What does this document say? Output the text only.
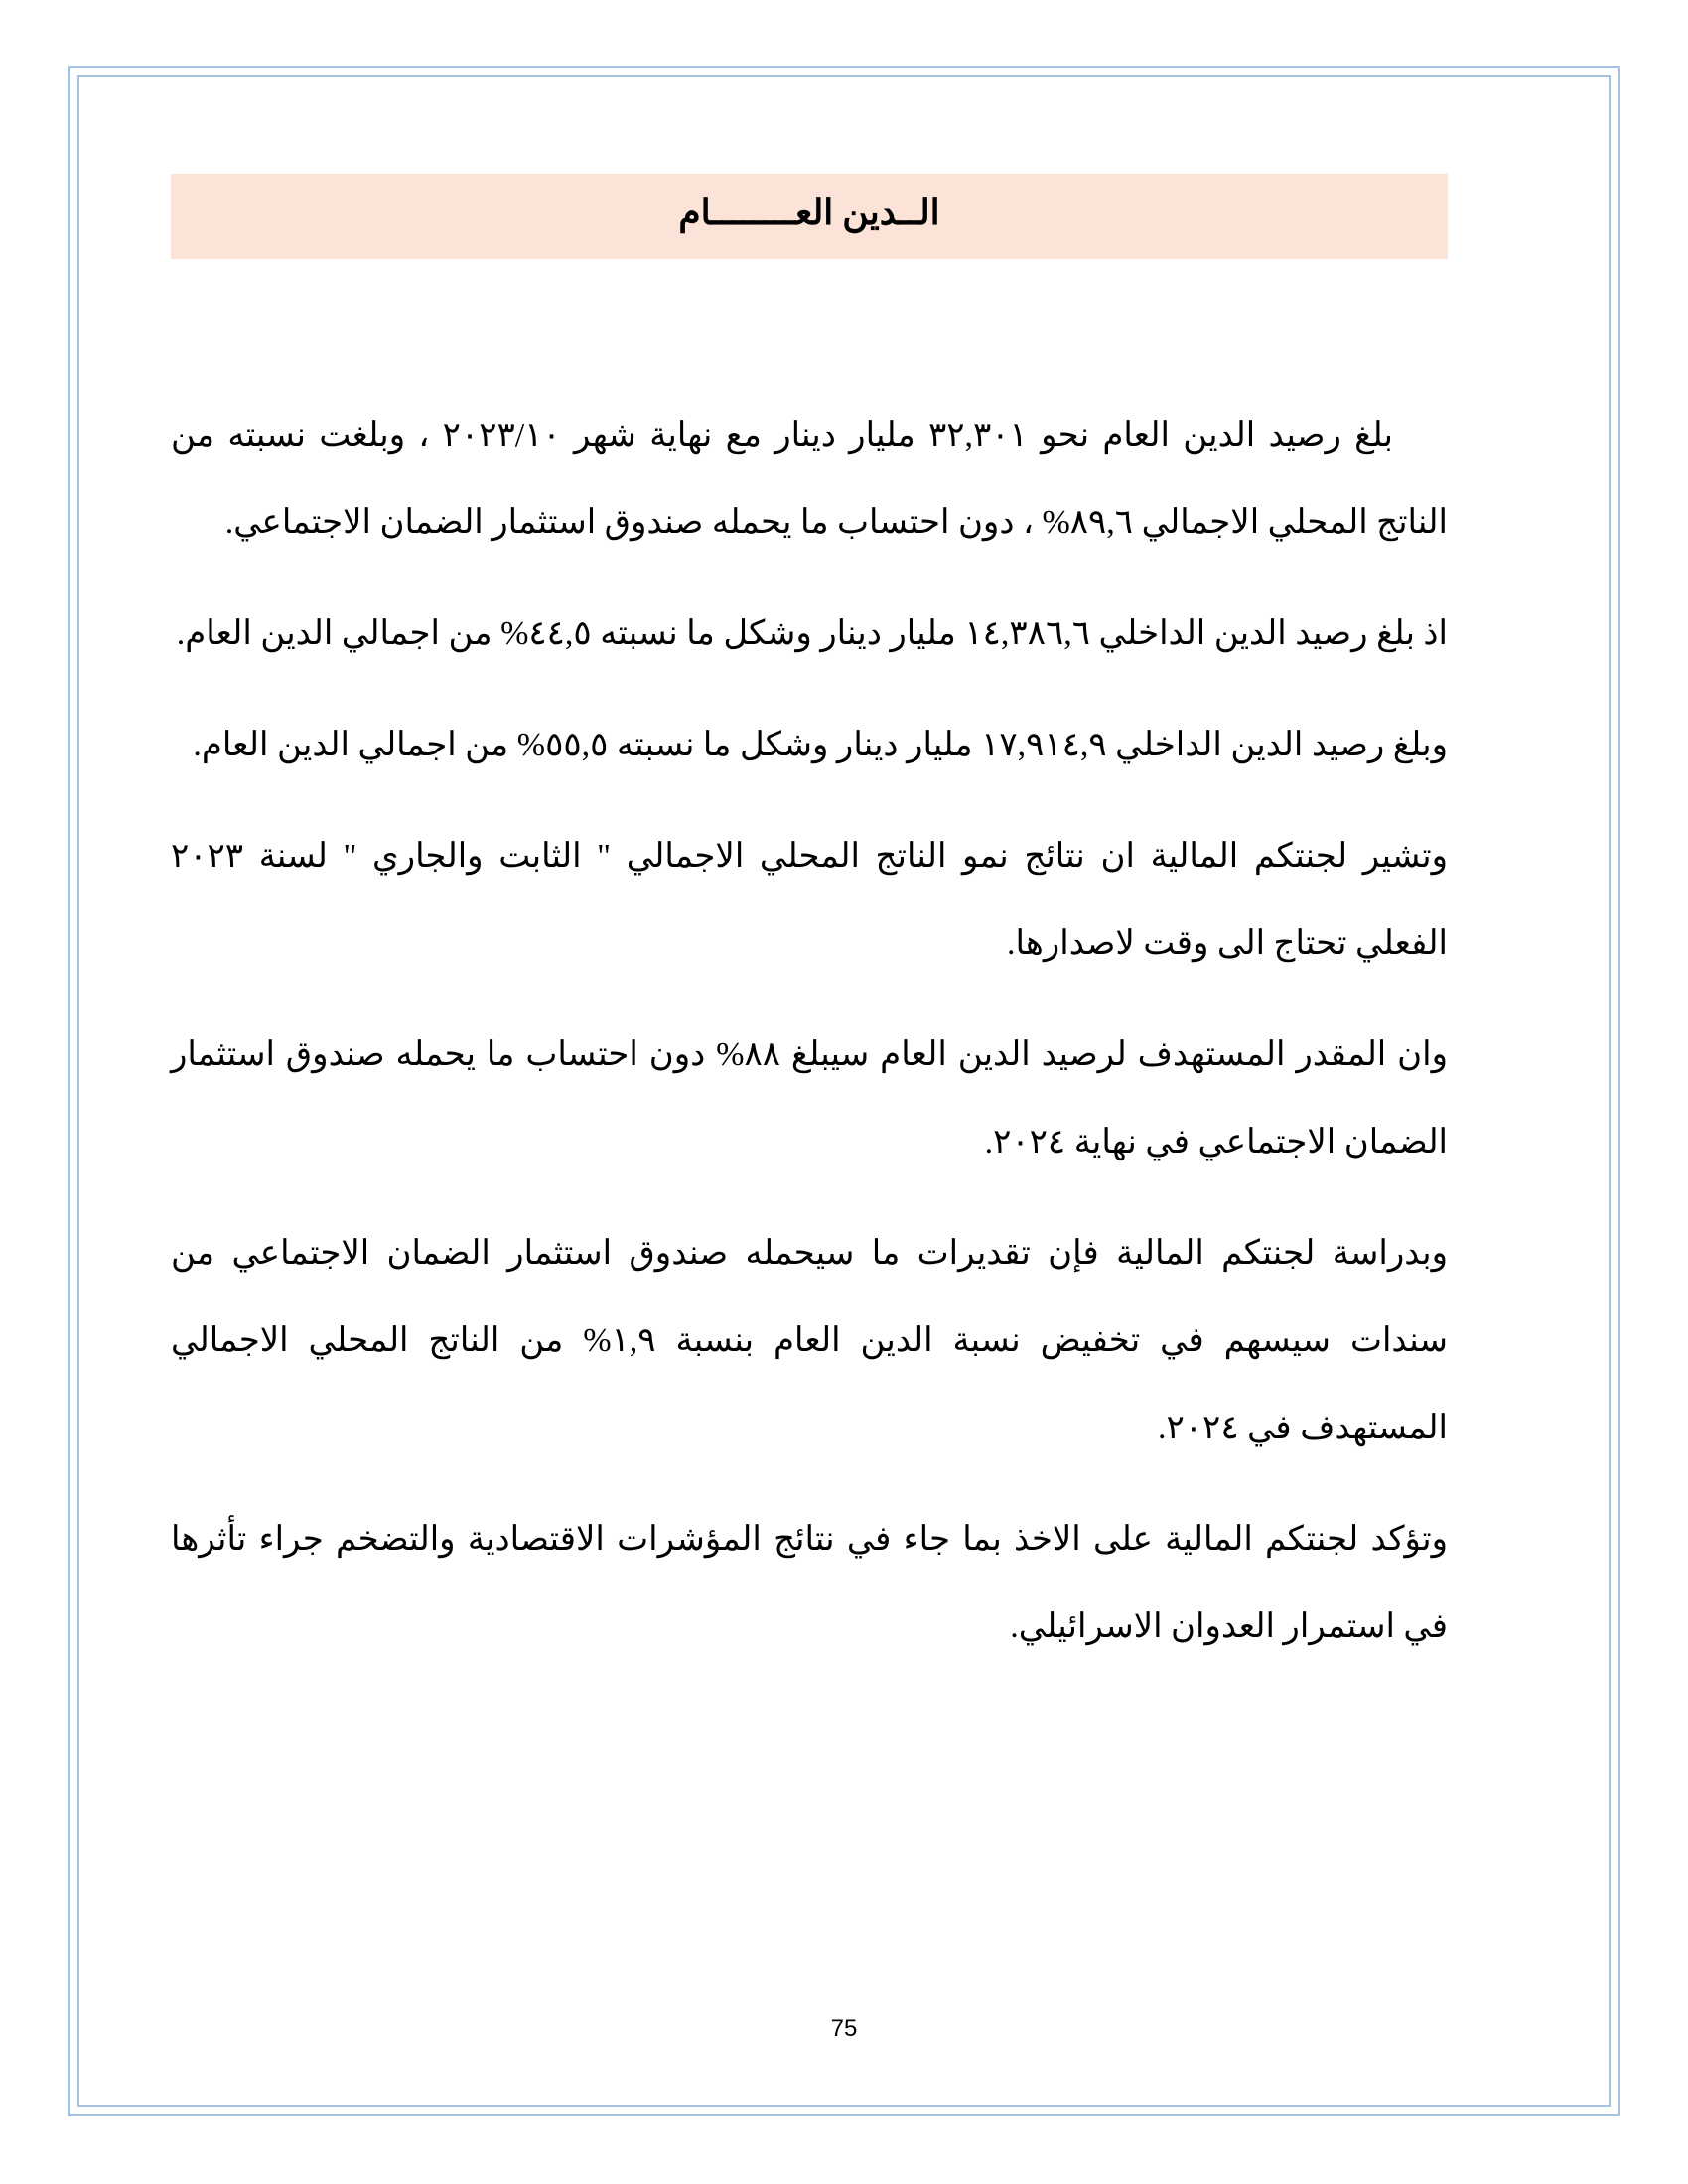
الــدين العــــــــام

بلغ رصيد الدين العام نحو ٣٢,٣٠١ مليار دينار مع نهاية شهر ٢٠٢٣/١٠ ، وبلغت نسبته من الناتج المحلي الاجمالي ٨٩,٦% ، دون احتساب ما يحمله صندوق استثمار الضمان الاجتماعي.

اذ بلغ رصيد الدين الداخلي ١٤,٣٨٦,٦ مليار دينار وشكل ما نسبته ٤٤,٥% من اجمالي الدين العام.

وبلغ رصيد الدين الداخلي ١٧,٩١٤,٩ مليار دينار وشكل ما نسبته ٥٥,٥% من اجمالي الدين العام.

وتشير لجنتكم المالية ان نتائج نمو الناتج المحلي الاجمالي " الثابت والجاري " لسنة ٢٠٢٣ الفعلي تحتاج الى وقت لاصدارها.

وان المقدر المستهدف لرصيد الدين العام سيبلغ ٨٨% دون احتساب ما يحمله صندوق استثمار الضمان الاجتماعي في نهاية ٢٠٢٤.

وبدراسة لجنتكم المالية فإن تقديرات ما سيحمله صندوق استثمار الضمان الاجتماعي من سندات سيسهم في تخفيض نسبة الدين العام بنسبة ١,٩% من الناتج المحلي الاجمالي المستهدف في ٢٠٢٤.

وتؤكد لجنتكم المالية على الاخذ بما جاء في نتائج المؤشرات الاقتصادية والتضخم جراء تأثرها في استمرار العدوان الاسرائيلي.

75
